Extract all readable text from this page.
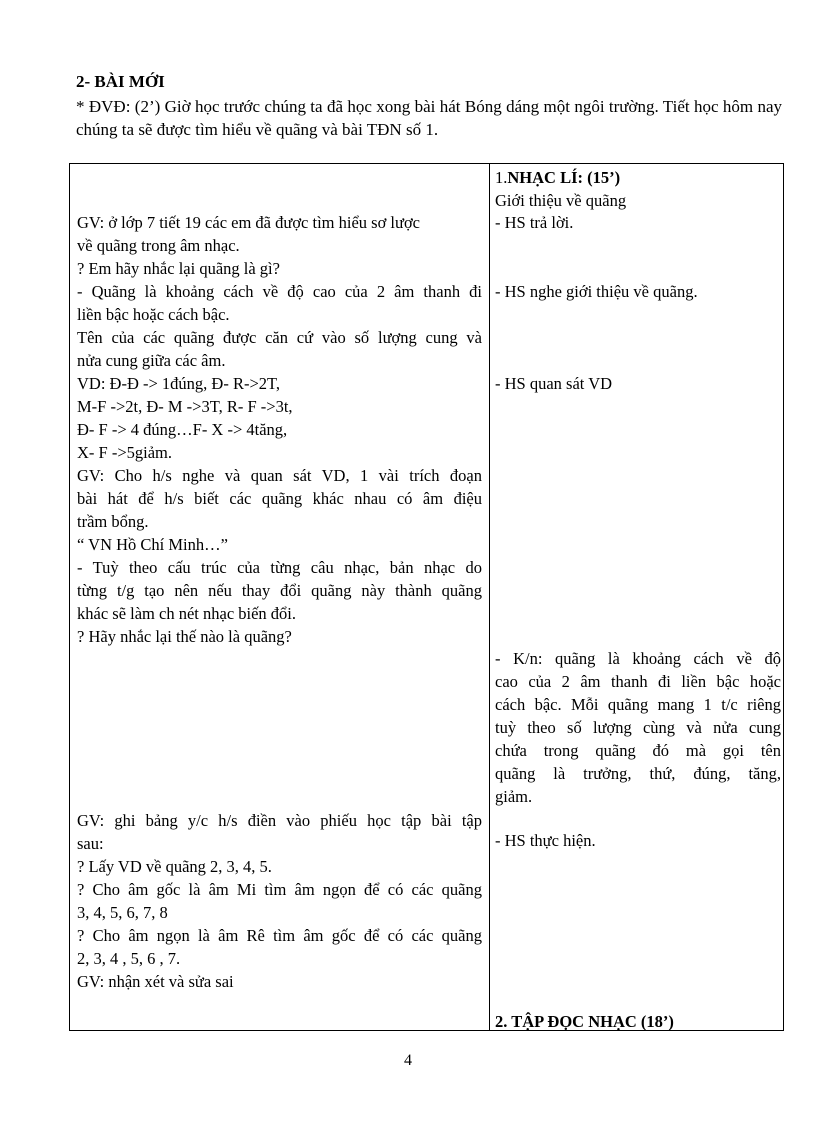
2- BÀI MỚI
* ĐVĐ: (2’) Giờ học trước chúng ta đã học xong bài hát Bóng dáng một ngôi trường. Tiết học hôm nay chúng ta sẽ được tìm hiểu về quãng và bài TĐN số 1.
GV: ở lớp 7 tiết 19 các em đã được tìm hiểu sơ lược
về quãng trong âm nhạc.
? Em hãy nhắc lại quãng là gì?
- Quãng là khoảng cách về độ cao của 2 âm thanh đi
liền bậc hoặc cách bậc.
Tên của các quãng được căn cứ vào số lượng cung và
nửa cung giữa các âm.
VD: Đ-Đ -> 1đúng, Đ- R->2T,
M-F ->2t, Đ- M ->3T, R- F ->3t,
Đ- F -> 4 đúng…F- X -> 4tăng,
X- F ->5giảm.
GV: Cho h/s nghe và quan sát VD, 1 vài trích đoạn
bài hát để h/s biết các quãng khác nhau có âm điệu
trầm bổng.
“ VN Hồ Chí Minh…”
- Tuỳ theo cấu trúc của từng câu nhạc, bản nhạc do
từng t/g tạo nên nếu thay đổi quãng này thành quãng
khác sẽ làm ch nét nhạc biến đổi.
? Hãy nhắc lại thế nào là quãng?
GV: ghi bảng y/c h/s điền vào phiếu học tập bài tập
sau:
? Lấy VD về quãng 2, 3, 4, 5.
? Cho âm gốc là âm Mi tìm âm ngọn để có các quãng
3, 4, 5, 6, 7, 8
? Cho âm ngọn là âm Rê tìm âm gốc để có các quãng
2, 3, 4 , 5, 6 , 7.
GV: nhận xét và sửa sai
1.NHẠC LÍ: (15’)
Giới thiệu về quãng
- HS trả lời.
- HS nghe giới thiệu về quãng.
- HS quan sát VD
- K/n: quãng là khoảng cách về độ
cao của 2 âm thanh đi liền bậc hoặc
cách bậc. Mỗi quãng mang 1 t/c riêng
tuỳ theo số lượng cùng và nửa cung
chứa trong quãng đó mà gọi tên
quãng là trưởng, thứ, đúng, tăng,
giảm.
- HS thực hiện.
2. TẬP ĐỌC NHẠC (18’)
4
